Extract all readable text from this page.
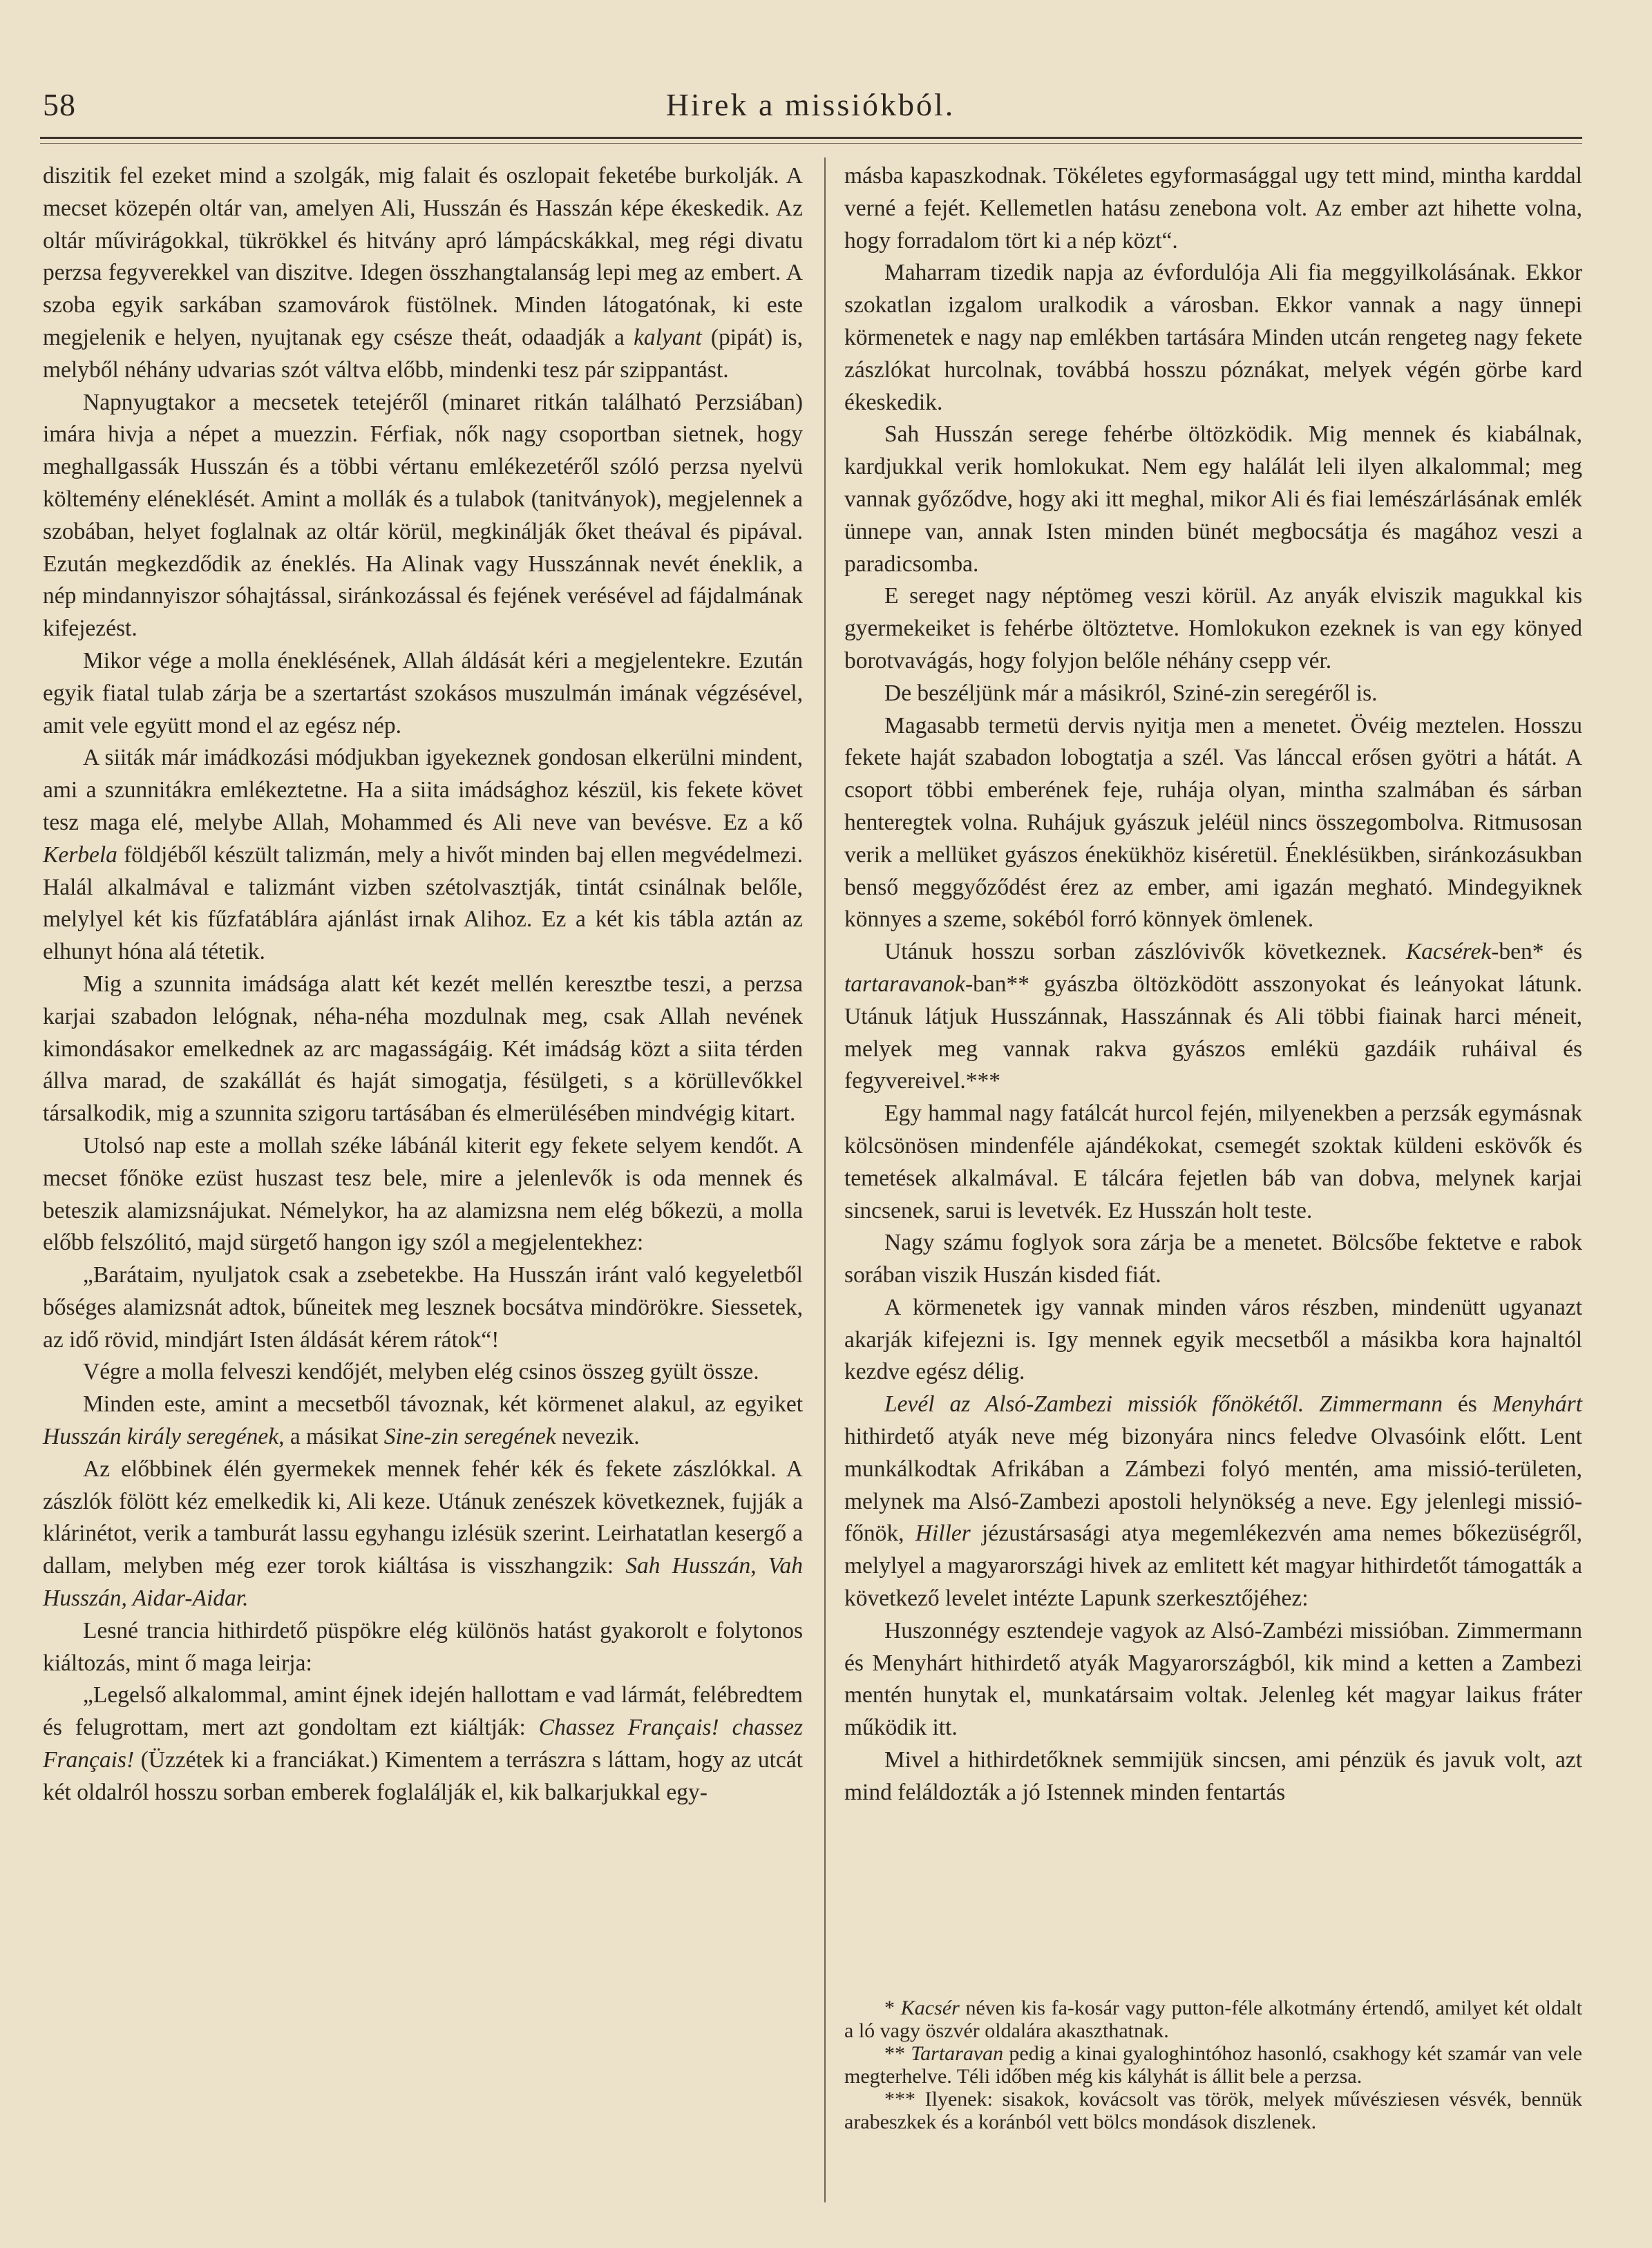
58	Hirek a missiókból.

diszitik fel ezeket mind a szolgák, mig falait és oszlopait feketébe burkolják. A mecset közepén oltár van, amelyen Ali, Husszán és Hasszán képe ékeskedik. Az oltár művirágokkal, tükrökkel és hitvány apró lámpácskákkal, meg régi divatu perzsa fegyverekkel van diszitve. Idegen összhangtalanság lepi meg az embert. A szoba egyik sarkában szamovárok füstölnek. Minden látogatónak, ki este megjelenik e helyen, nyujtanak egy csésze theát, odaadják a kalyant (pipát) is, melyből néhány udvarias szót váltva előbb, mindenki tesz pár szippantást.

Napnyugtakor a mecsetek tetejéről (minaret ritkán található Perzsiában) imára hivja a népet a muezzin. Férfiak, nők nagy csoportban sietnek, hogy meghallgassák Husszán és a többi vértanu emlékezetéről szóló perzsa nyelvü költemény eléneklését. Amint a mollák és a tulabok (tanitványok), megjelennek a szobában, helyet foglalnak az oltár körül, megkinálják őket theával és pipával. Ezután megkezdődik az éneklés. Ha Alinak vagy Husszánnak nevét éneklik, a nép mindannyiszor sóhajtással, siránkozással és fejének verésével ad fájdalmának kifejezést.

Mikor vége a molla éneklésének, Allah áldását kéri a megjelentekre. Ezután egyik fiatal tulab zárja be a szertartást szokásos muszulmán imának végzésével, amit vele együtt mond el az egész nép.

A siiták már imádkozási módjukban igyekeznek gondosan elkerülni mindent, ami a szunnitákra emlékeztetne. Ha a siita imádsághoz készül, kis fekete követ tesz maga elé, melybe Allah, Mohammed és Ali neve van bevésve. Ez a kő Kerbela földjéből készült talizmán, mely a hivőt minden baj ellen megvédelmezi. Halál alkalmával e talizmánt vizben szétolvasztják, tintát csinálnak belőle, melylyel két kis fűzfatáblára ajánlást irnak Alihoz. Ez a két kis tábla aztán az elhunyt hóna alá tétetik.

Mig a szunnita imádsága alatt két kezét mellén keresztbe teszi, a perzsa karjai szabadon lelógnak, néha-néha mozdulnak meg, csak Allah nevének kimondásakor emelkednek az arc magasságáig. Két imádság közt a siita térden állva marad, de szakállát és haját simogatja, fésülgeti, s a körüllevőkkel társalkodik, mig a szunnita szigoru tartásában és elmerülésében mindvégig kitart.

Utolsó nap este a mollah széke lábánál kiterit egy fekete selyem kendőt. A mecset főnöke ezüst huszast tesz bele, mire a jelenlevők is oda mennek és beteszik alamizsnájukat. Némelykor, ha az alamizsna nem elég bőkezü, a molla előbb felszólitó, majd sürgető hangon igy szól a megjelentekhez:

„Barátaim, nyuljatok csak a zsebetekbe. Ha Husszán iránt való kegyeletből bőséges alamizsnát adtok, bűneitek meg lesznek bocsátva mindörökre. Siessetek, az idő rövid, mindjárt Isten áldását kérem rátok“!

Végre a molla felveszi kendőjét, melyben elég csinos összeg gyült össze.

Minden este, amint a mecsetből távoznak, két körmenet alakul, az egyiket Husszán király seregének, a másikat Sine-zin seregének nevezik.

Az előbbinek élén gyermekek mennek fehér kék és fekete zászlókkal. A zászlók fölött kéz emelkedik ki, Ali keze. Utánuk zenészek következnek, fujják a klárinétot, verik a tamburát lassu egyhangu izlésük szerint. Leirhatatlan kesergő a dallam, melyben még ezer torok kiáltása is visszhangzik: Sah Husszán, Vah Husszán, Aidar-Aidar.

Lesné trancia hithirdető püspökre elég különös hatást gyakorolt e folytonos kiáltozás, mint ő maga leirja:

„Legelső alkalommal, amint éjnek idején hallottam e vad lármát, felébredtem és felugrottam, mert azt gondoltam ezt kiáltják: Chassez Français! chassez Français! (Üzzétek ki a franciákat.) Kimentem a terrászra s láttam, hogy az utcát két oldalról hosszu sorban emberek foglalálják el, kik balkarjukkal egy-

másba kapaszkodnak. Tökéletes egyformasággal ugy tett mind, mintha karddal verné a fejét. Kellemetlen hatásu zenebona volt. Az ember azt hihette volna, hogy forradalom tört ki a nép közt“.

Maharram tizedik napja az évfordulója Ali fia meggyilkolásának. Ekkor szokatlan izgalom uralkodik a városban. Ekkor vannak a nagy ünnepi körmenetek e nagy nap emlékben tartására Minden utcán rengeteg nagy fekete zászlókat hurcolnak, továbbá hosszu póznákat, melyek végén görbe kard ékeskedik.

Sah Husszán serege fehérbe öltözködik. Mig mennek és kiabálnak, kardjukkal verik homlokukat. Nem egy halálát leli ilyen alkalommal; meg vannak győződve, hogy aki itt meghal, mikor Ali és fiai lemészárlásának emlék ünnepe van, annak Isten minden bünét megbocsátja és magához veszi a paradicsomba.

E sereget nagy néptömeg veszi körül. Az anyák elviszik magukkal kis gyermekeiket is fehérbe öltöztetve. Homlokukon ezeknek is van egy könyed borotvavágás, hogy folyjon belőle néhány csepp vér.

De beszéljünk már a másikról, Sziné-zin seregéről is.

Magasabb termetü dervis nyitja men a menetet. Övéig meztelen. Hosszu fekete haját szabadon lobogtatja a szél. Vas lánccal erősen gyötri a hátát. A csoport többi emberének feje, ruhája olyan, mintha szalmában és sárban henteregtek volna. Ruhájuk gyászuk jeléül nincs összegombolva. Ritmusosan verik a mellüket gyászos énekükhöz kiséretül. Éneklésükben, siránkozásukban benső meggyőződést érez az ember, ami igazán megható. Mindegyiknek könnyes a szeme, sokéból forró könnyek ömlenek.

Utánuk hosszu sorban zászlóvivők következnek. Kacsérek-ben* és tartaravanok-ban** gyászba öltözködött asszonyokat és leányokat látunk. Utánuk látjuk Husszánnak, Hasszánnak és Ali többi fiainak harci méneit, melyek meg vannak rakva gyászos emlékü gazdáik ruháival és fegyvereivel.***

Egy hammal nagy fatálcát hurcol fején, milyenekben a perzsák egymásnak kölcsönösen mindenféle ajándékokat, csemegét szoktak küldeni eskövők és temetések alkalmával. E tálcára fejetlen báb van dobva, melynek karjai sincsenek, sarui is levetvék. Ez Husszán holt teste.

Nagy számu foglyok sora zárja be a menetet. Bölcsőbe fektetve e rabok sorában viszik Huszán kisded fiát.

A körmenetek igy vannak minden város részben, mindenütt ugyanazt akarják kifejezni is. Igy mennek egyik mecsetből a másikba kora hajnaltól kezdve egész délig.

Levél az Alsó-Zambezi missiók főnökétől. Zimmermann és Menyhárt hithirdető atyák neve még bizonyára nincs feledve Olvasóink előtt. Lent munkálkodtak Afrikában a Zámbezi folyó mentén, ama missió-területen, melynek ma Alsó-Zambezi apostoli helynökség a neve. Egy jelenlegi missió-főnök, Hiller jézustársasági atya megemlékezvén ama nemes bőkezüségről, melylyel a magyarországi hivek az emlitett két magyar hithirdetőt támogatták a következő levelet intézte Lapunk szerkesztőjéhez:

Huszonnégy esztendeje vagyok az Alsó-Zambézi missióban. Zimmermann és Menyhárt hithirdető atyák Magyarországból, kik mind a ketten a Zambezi mentén hunytak el, munkatársaim voltak. Jelenleg két magyar laikus fráter működik itt.

Mivel a hithirdetőknek semmijük sincsen, ami pénzük és javuk volt, azt mind feláldozták a jó Istennek minden fentartás

* Kacsér néven kis fa-kosár vagy putton-féle alkotmány értendő, amilyet két oldalt a ló vagy öszvér oldalára akaszthatnak.

** Tartaravan pedig a kinai gyaloghintóhoz hasonló, csakhogy két szamár van vele megterhelve. Téli időben még kis kályhát is állit bele a perzsa.

*** Ilyenek: sisakok, kovácsolt vas török, melyek művésziesen vésvék, bennük arabeszkek és a koránból vett bölcs mondások diszlenek.
